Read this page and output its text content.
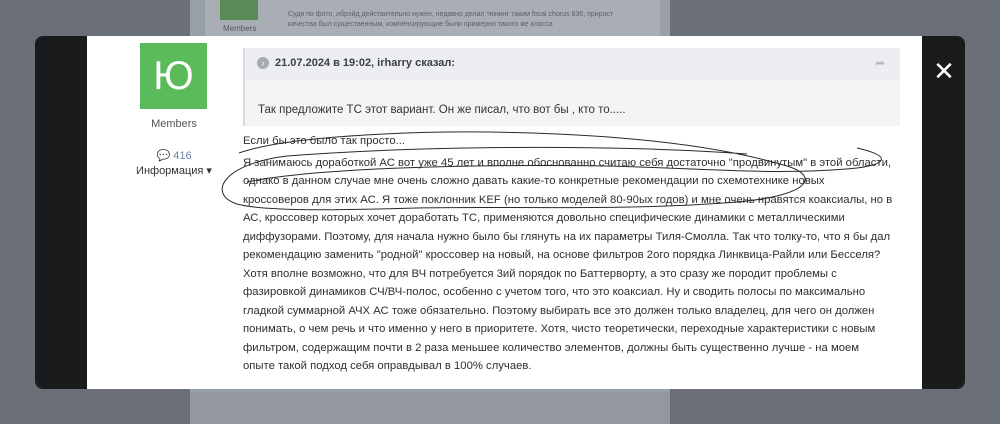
Members
Судя по фото, ибрэйд действительно нужен, недавно делал тюнинг таким focal chorus 836, прирост качества был существенным, компенсирующие были примерно такого же класса
✕
Ю
Members
💬 416
Информация ▾
› 21.07.2024 в 19:02, irharry сказал:	➦
Так предложите ТС этот вариант. Он же писал, что вот бы , кто то.....

Если бы это было так просто...

Я занимаюсь доработкой АС вот уже 45 лет и вполне обоснованно считаю себя достаточно "продвинутым" в этой области, однако в данном случае мне очень сложно давать какие-то конкретные рекомендации по схемотехнике новых кроссоверов для этих АС. Я тоже поклонник KEF (но только моделей 80-90ых годов) и мне очень нравятся коаксиалы, но в АС, кроссовер которых хочет доработать ТС, применяются довольно специфические динамики с металлическими диффузорами. Поэтому, для начала нужно было бы глянуть на их параметры Тиля-Смолла. Так что толку-то, что я бы дал рекомендацию заменить "родной" кроссовер на новый, на основе фильтров 2ого порядка Линквица-Райли или Бесселя? Хотя вполне возможно, что для ВЧ потребуется 3ий порядок по Баттерворту, а это сразу же породит проблемы с фазировкой динамиков СЧ/ВЧ-полос, особенно с учетом того, что это коаксиал. Ну и сводить полосы по максимально гладкой суммарной АЧХ АС тоже обязательно. Поэтому выбирать все это должен только владелец, для чего он должен понимать, о чем речь и что именно у него в приоритете. Хотя, чисто теоретически, переходные характеристики с новым фильтром, содержащим почти в 2 раза меньшее количество элементов, должны быть существенно лучше - на моем опыте такой подход себя оправдывал в 100% случаев.
